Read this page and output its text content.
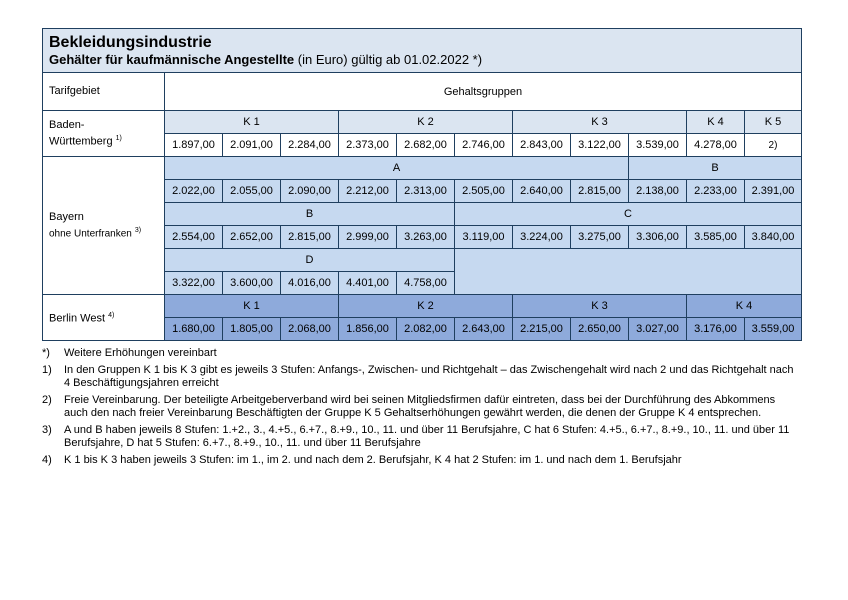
Bekleidungsindustrie
Gehälter für kaufmännische Angestellte (in Euro) gültig ab 01.02.2022 *)											

Tarifgebiet	Gehaltsgruppen										
Baden-
Württemberg $^{1)}$	K 1			K 2			K 3			K 4	K 5
	1.897,00	2.091,00	2.284,00	2.373,00	2.682,00	2.746,00	2.843,00	3.122,00	3.539,00	4.278,00	2)
Bayern
ohne Unterfranken $^{3)}$	A								B		
	2.022,00	2.055,00	2.090,00	2.212,00	2.313,00	2.505,00	2.640,00	2.815,00	2.138,00	2.233,00	2.391,00
	B					C					
	2.554,00	2.652,00	2.815,00	2.999,00	3.263,00	3.119,00	3.224,00	3.275,00	3.306,00	3.585,00	3.840,00
	D										
	3.322,00	3.600,00	4.016,00	4.401,00	4.758,00						
Berlin West $^{4)}$	K 1			K 2			K 3			K 4	
	1.680,00	1.805,00	2.068,00	1.856,00	2.082,00	2.643,00	2.215,00	2.650,00	3.027,00	3.176,00	3.559,00
*)	Weitere Erhöhungen vereinbart
1)	In den Gruppen K 1 bis K 3 gibt es jeweils 3 Stufen: Anfangs-, Zwischen- und Richtgehalt – das Zwischengehalt wird nach 2 und das Richtgehalt nach 4 Beschäftigungsjahren erreicht
2)	Freie Vereinbarung. Der beteiligte Arbeitgeberverband wird bei seinen Mitgliedsfirmen dafür eintreten, dass bei der Durchführung des Abkommens auch den nach freier Vereinbarung Beschäftigten der Gruppe K 5 Gehaltserhöhungen gewährt werden, die denen der Gruppe K 4 entsprechen.
3)	A und B haben jeweils 8 Stufen: 1.+2., 3., 4.+5., 6.+7., 8.+9., 10., 11. und über 11 Berufsjahre, C hat 6 Stufen: 4.+5., 6.+7., 8.+9., 10., 11. und über 11 Berufsjahre, D hat 5 Stufen: 6.+7., 8.+9., 10., 11. und über 11 Berufsjahre
4)	K 1 bis K 3 haben jeweils 3 Stufen: im 1., im 2. und nach dem 2. Berufsjahr, K 4 hat 2 Stufen: im 1. und nach dem 1. Berufsjahr
